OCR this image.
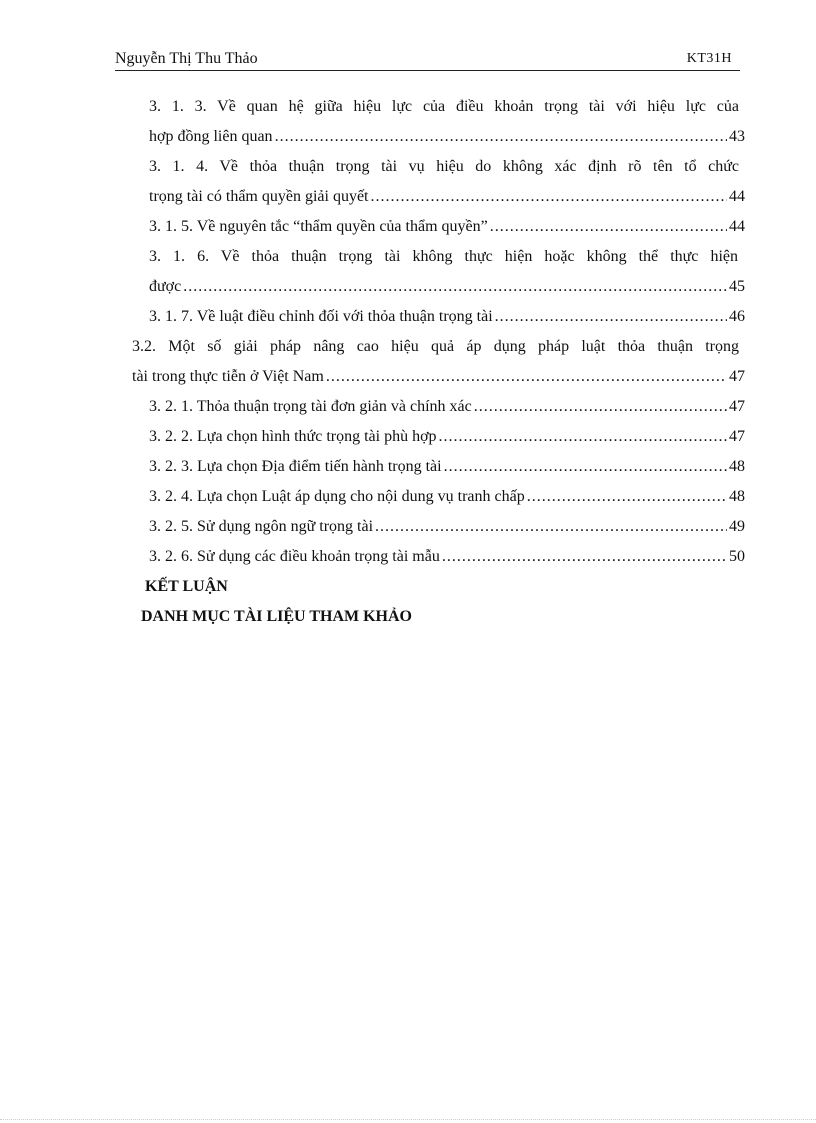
Nguyễn Thị Thu Thảo	KT31H
3. 1. 3. Về quan hệ giữa hiệu lực của điều khoản trọng tài với hiệu lực của
hợp đồng liên quan .....	43
3. 1. 4. Về thỏa thuận trọng tài vụ hiệu do không xác định rõ tên tổ chức
trọng tài có thẩm quyền giải quyết .....	44
3. 1. 5. Về nguyên tắc “thẩm quyền của thẩm quyền” .....	44
3. 1. 6. Về thỏa thuận trọng tài không thực hiện hoặc không thể thực hiện
được .....	45
3. 1. 7. Về luật điều chỉnh đối với thỏa thuận trọng tài .....	46
3.2. Một số giải pháp nâng cao hiệu quả áp dụng pháp luật thỏa thuận trọng
tài trong thực tiễn ở Việt Nam .....	47
3. 2. 1. Thỏa thuận trọng tài đơn giản và chính xác .....	47
3. 2. 2. Lựa chọn hình thức trọng tài phù hợp .....	47
3. 2. 3. Lựa chọn Địa điểm tiến hành trọng tài .....	48
3. 2. 4. Lựa chọn Luật áp dụng cho nội dung vụ tranh chấp .....	48
3. 2. 5. Sử dụng ngôn ngữ trọng tài .....	49
3. 2. 6. Sử dụng các điều khoản trọng tài mẫu .....	50
KẾT LUẬN
DANH MỤC TÀI LIỆU THAM KHẢO
